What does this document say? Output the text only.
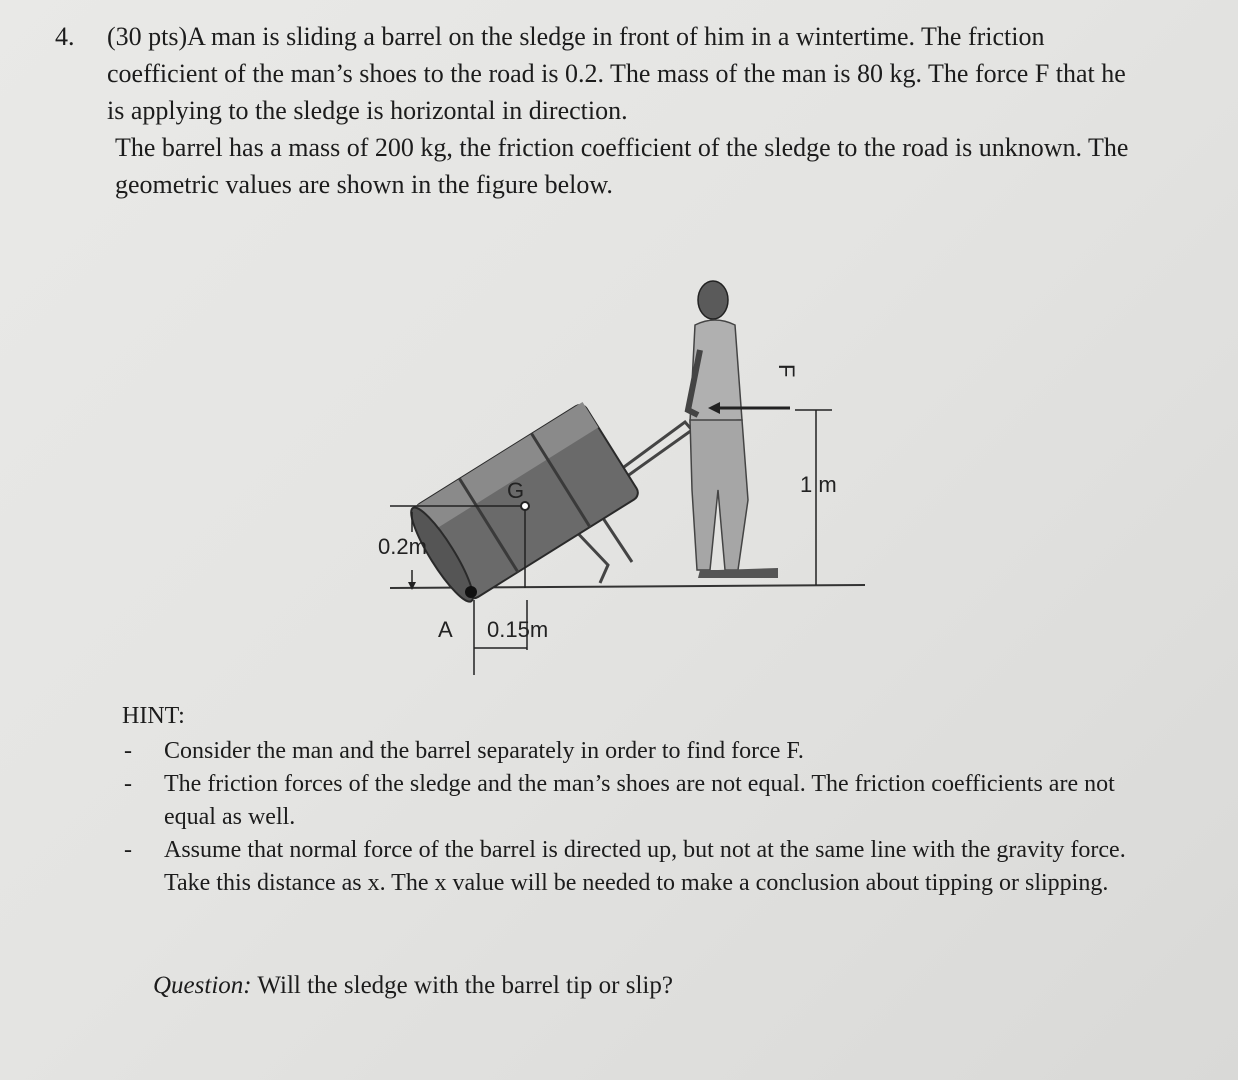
4. (30 pts)A man is sliding a barrel on the sledge in front of him in a wintertime. The friction coefficient of the man’s shoes to the road is 0.2. The mass of the man is 80 kg. The force F that he is applying to the sledge is horizontal in direction.

The barrel has a mass of 200 kg, the friction coefficient of the sledge to the road is unknown. The geometric values are shown in the figure below.

G
A
0.2m
0.15m
F
1 m

HINT:

- Consider the man and the barrel separately in order to find force F.
- The friction forces of the sledge and the man’s shoes are not equal. The friction coefficients are not equal as well.
- Assume that normal force of the barrel is directed up, but not at the same line with the gravity force. Take this distance as x. The x value will be needed to make a conclusion about tipping or slipping.
Question: Will the sledge with the barrel tip or slip?
